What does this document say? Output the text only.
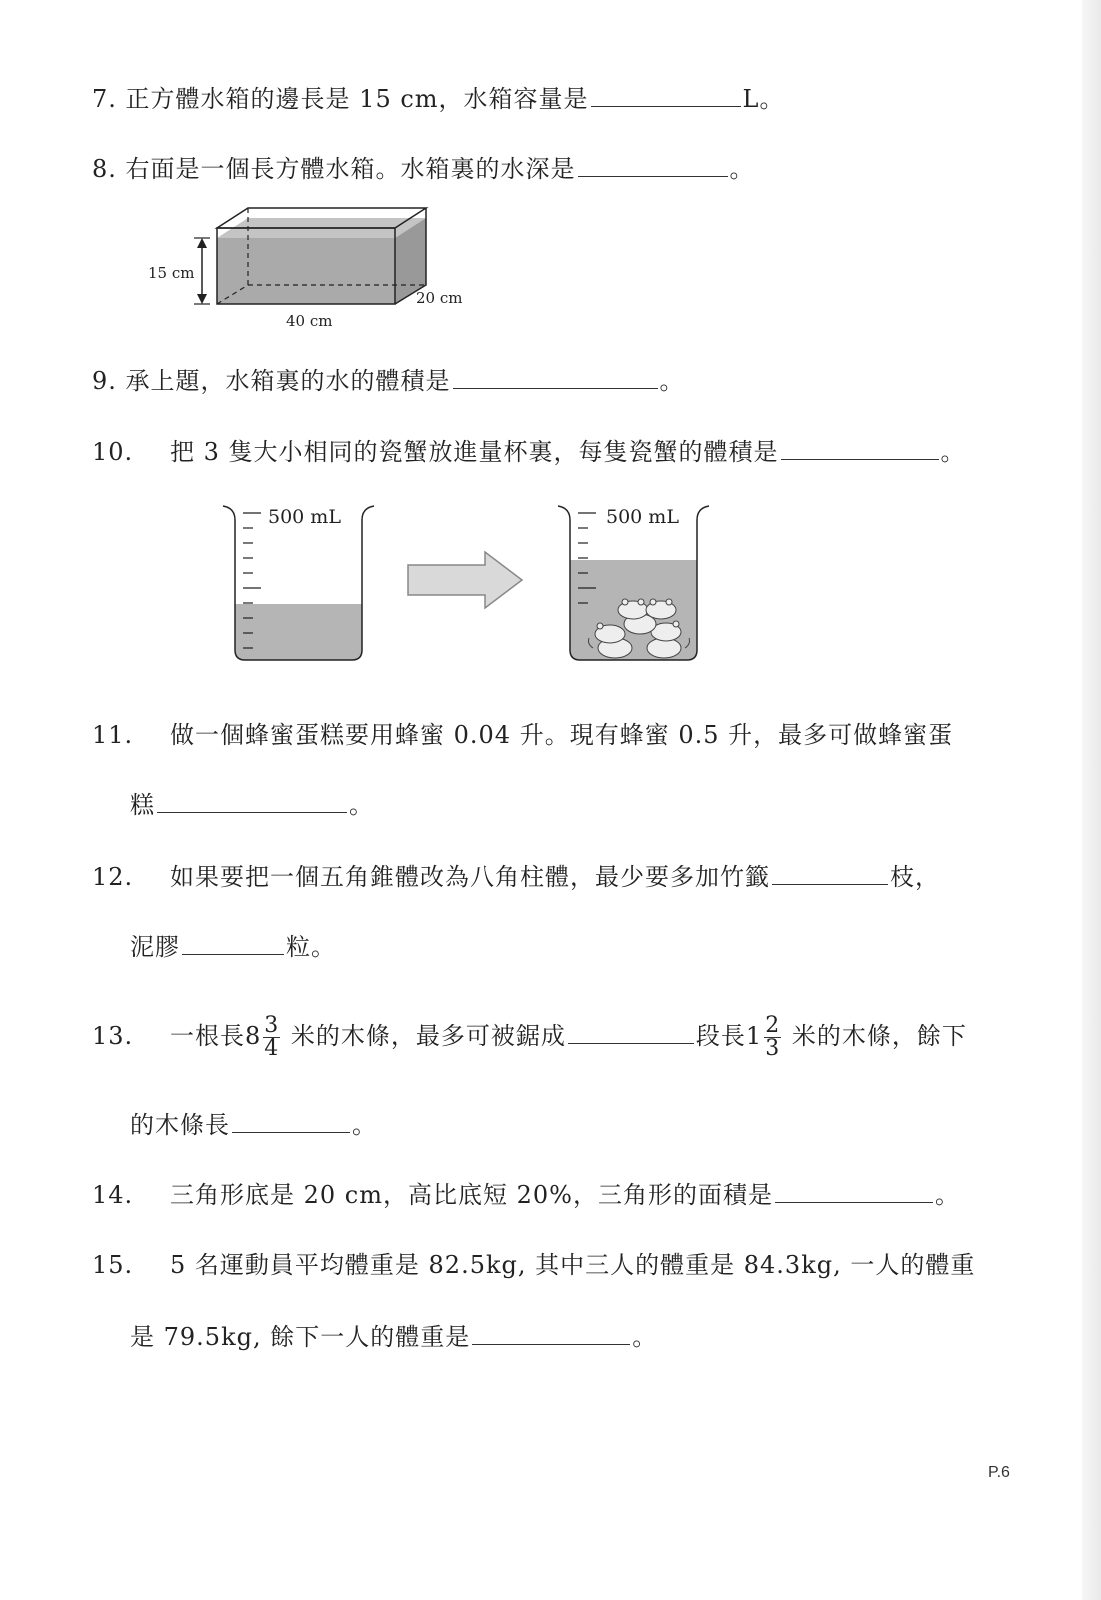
7. 正方體水箱的邊長是 15 cm，水箱容量是	L。
8. 右面是一個長方體水箱。水箱裏的水深是	。
15 cm
40 cm
20 cm
9. 承上題，水箱裏的水的體積是	。
10. 把 3 隻大小相同的瓷蟹放進量杯裏，每隻瓷蟹的體積是	。
500 mL	500 mL
11. 做一個蜂蜜蛋糕要用蜂蜜 0.04 升。現有蜂蜜 0.5 升，最多可做蜂蜜蛋
糕	。
12. 如果要把一個五角錐體改為八角柱體，最少要多加竹籤	枝，
泥膠	粒。
13. 一根長$8 \frac{3}{4}$ 米的木條，最多可被鋸成	段長$1 \frac{2}{3}$ 米的木條，餘下
的木條長	。
14. 三角形底是 20 cm，高比底短 20%，三角形的面積是	。
15. 5 名運動員平均體重是 82.5kg, 其中三人的體重是 84.3kg, 一人的體重
是 79.5kg, 餘下一人的體重是	。
P.6
